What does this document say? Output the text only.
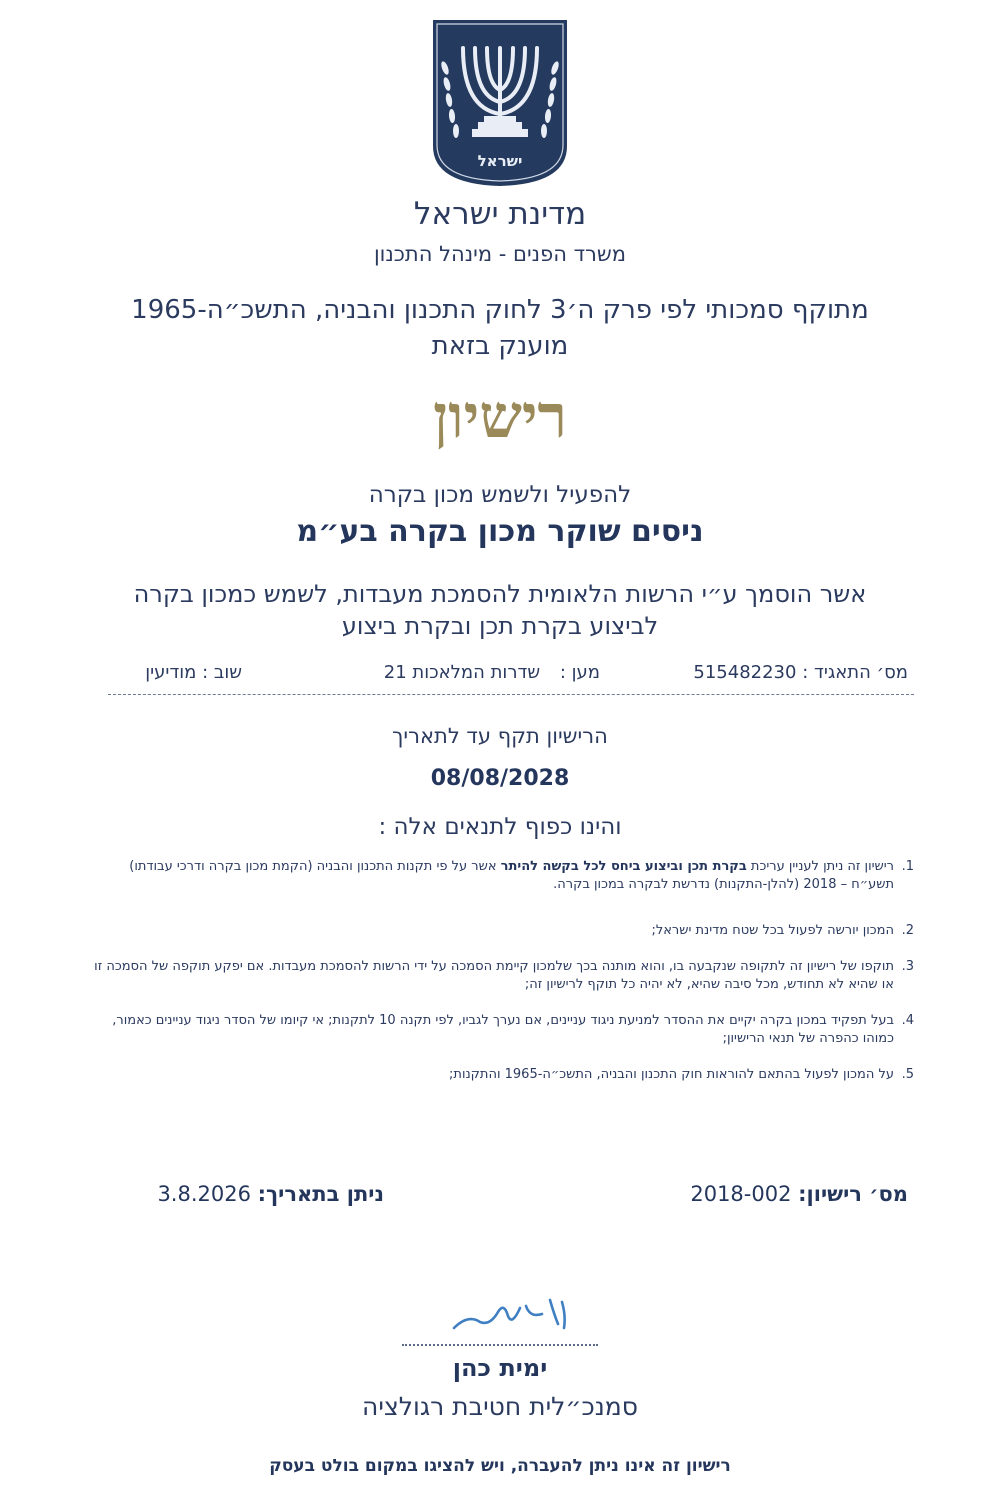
ישראל
מדינת ישראל
משרד הפנים - מינהל התכנון
מתוקף סמכותי לפי פרק ה׳3 לחוק התכנון והבניה, התשכ״ה-1965
מוענק בזאת
רישיון
להפעיל ולשמש מכון בקרה
ניסים שוקר מכון בקרה בע״מ
אשר הוסמך ע״י הרשות הלאומית להסמכת מעבדות, לשמש כמכון בקרה
לביצוע בקרת תכן ובקרת ביצוע
מס׳ התאגיד : 515482230
מען : שדרות המלאכות 21
שוב : מודיעין
הרישיון תקף עד לתאריך
08/08/2028
והינו כפוף לתנאים אלה :
1.
רישיון זה ניתן לעניין עריכת בקרת תכן וביצוע ביחס לכל בקשה להיתר אשר על פי תקנות התכנון והבניה (הקמת מכון בקרה ודרכי עבודתו) תשע״ח – 2018 (להלן-התקנות) נדרשת לבקרה במכון בקרה.
2.
המכון יורשה לפעול בכל שטח מדינת ישראל;
3.
תוקפו של רישיון זה לתקופה שנקבעה בו, והוא מותנה בכך שלמכון קיימת הסמכה על ידי הרשות להסמכת מעבדות. אם יפקע תוקפה של הסמכה זו או שהיא לא תחודש, מכל סיבה שהיא, לא יהיה כל תוקף לרישיון זה;
4.
בעל תפקיד במכון בקרה יקיים את ההסדר למניעת ניגוד עניינים, אם נערך לגביו, לפי תקנה 10 לתקנות; אי קיומו של הסדר ניגוד עניינים כאמור, כמוהו כהפרה של תנאי הרישיון;
5.
על המכון לפעול בהתאם להוראות חוק התכנון והבניה, התשכ״ה-1965 והתקנות;
מס׳ רישיון: 2018-002
ניתן בתאריך: 3.8.2026
ימית כהן
סמנכ״לית חטיבת רגולציה
רישיון זה אינו ניתן להעברה, ויש להציגו במקום בולט בעסק
